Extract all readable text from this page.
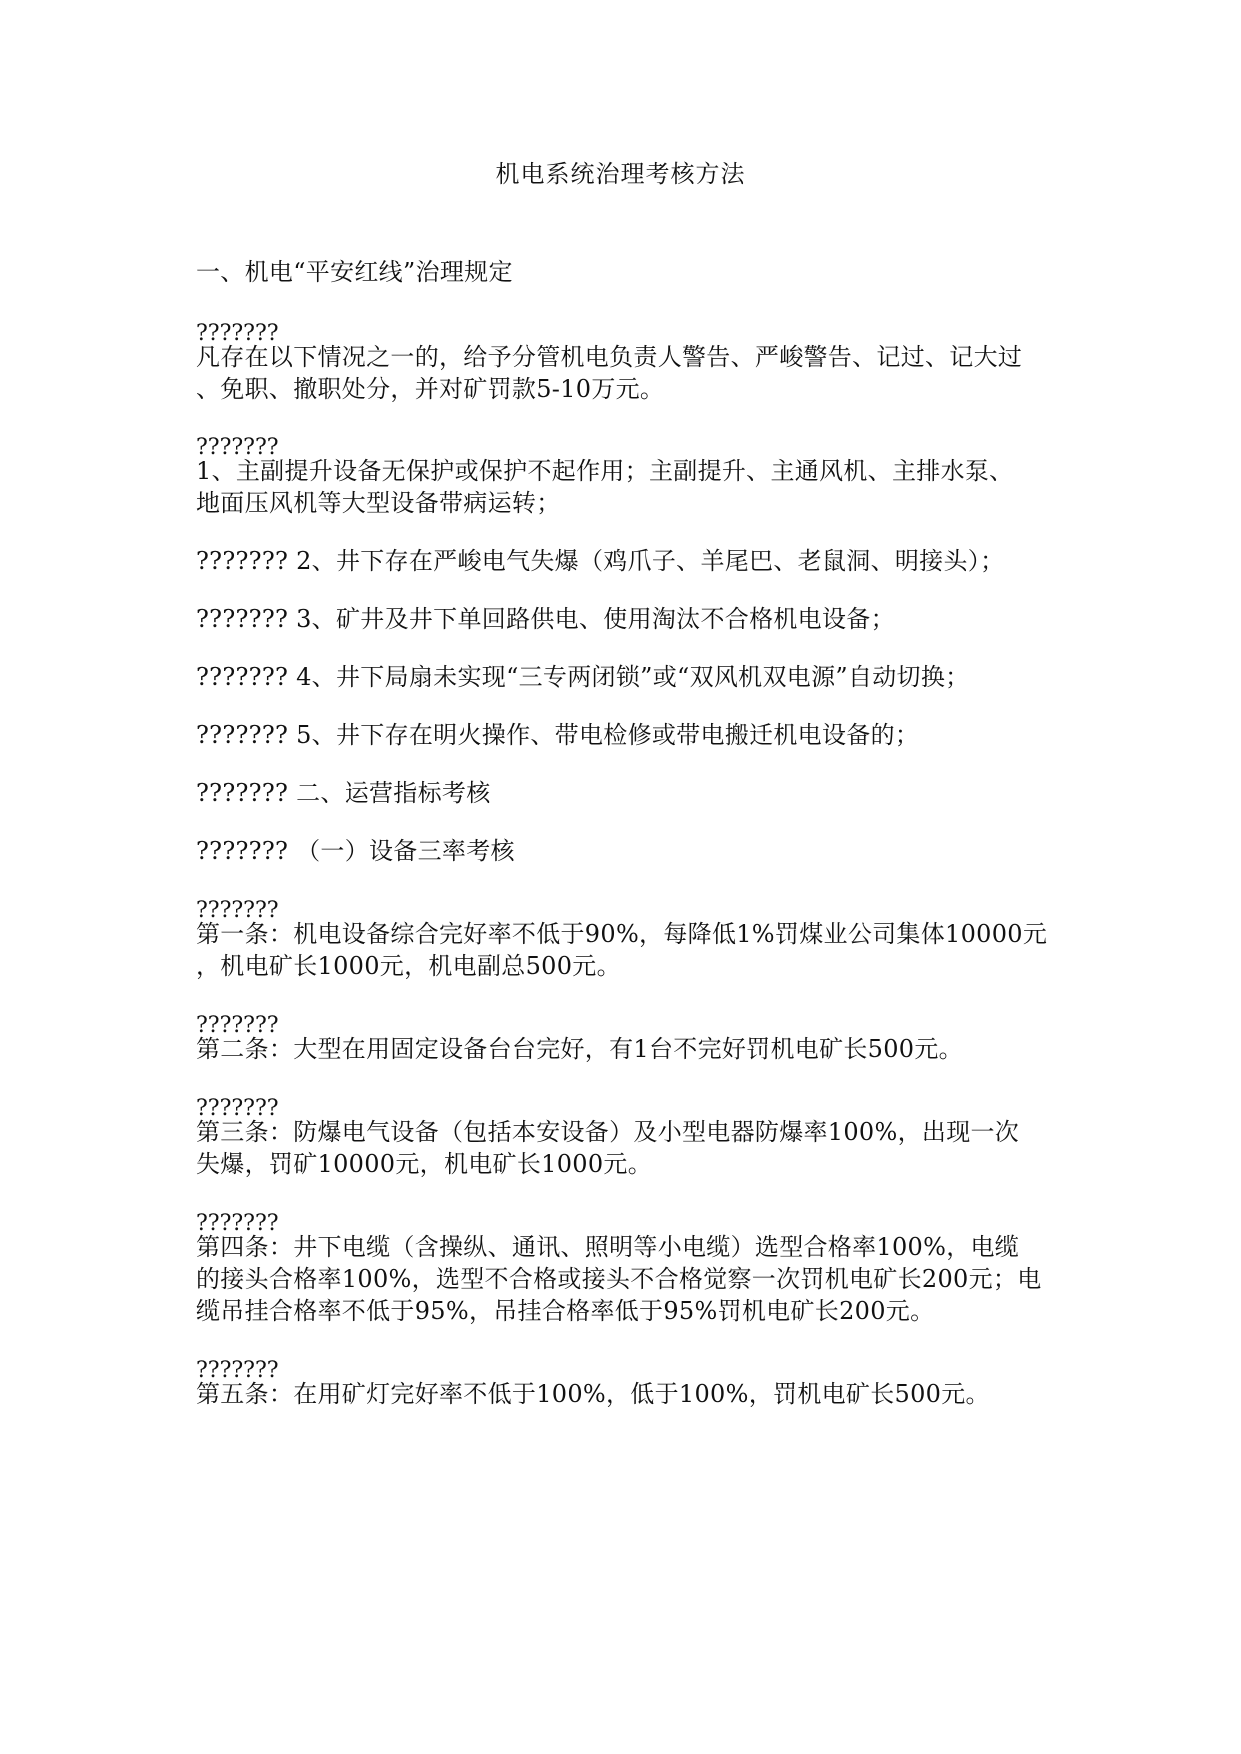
机电系统治理考核方法
一、机电“平安红线”治理规定
???????
凡存在以下情况之一的，给予分管机电负责人警告、严峻警告、记过、记大过
、免职、撤职处分，并对矿罚款5-10万元。
???????
1、主副提升设备无保护或保护不起作用；主副提升、主通风机、主排水泵、
地面压风机等大型设备带病运转；
??????? 2、井下存在严峻电气失爆（鸡爪子、羊尾巴、老鼠洞、明接头）；
??????? 3、矿井及井下单回路供电、使用淘汰不合格机电设备；
??????? 4、井下局扇未实现“三专两闭锁”或“双风机双电源”自动切换；
??????? 5、井下存在明火操作、带电检修或带电搬迁机电设备的；
??????? 二、运营指标考核
??????? （一）设备三率考核
???????
第一条：机电设备综合完好率不低于90%，每降低1%罚煤业公司集体10000元
，机电矿长1000元，机电副总500元。
???????
第二条：大型在用固定设备台台完好，有1台不完好罚机电矿长500元。
???????
第三条：防爆电气设备（包括本安设备）及小型电器防爆率100%，出现一次
失爆，罚矿10000元，机电矿长1000元。
???????
第四条：井下电缆（含操纵、通讯、照明等小电缆）选型合格率100%，电缆
的接头合格率100%，选型不合格或接头不合格觉察一次罚机电矿长200元；电
缆吊挂合格率不低于95%，吊挂合格率低于95%罚机电矿长200元。
???????
第五条：在用矿灯完好率不低于100%，低于100%，罚机电矿长500元。
